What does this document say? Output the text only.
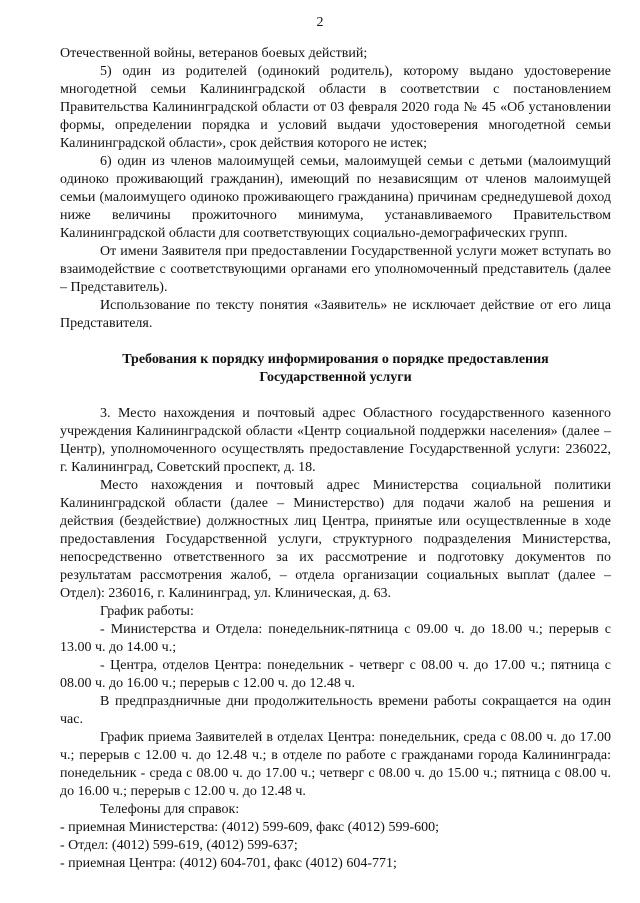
2

Отечественной войны, ветеранов боевых действий;

5) один из родителей (одинокий родитель), которому выдано удостоверение многодетной семьи Калининградской области в соответствии с постановлением Правительства Калининградской области от 03 февраля 2020 года № 45 «Об установлении формы, определении порядка и условий выдачи удостоверения многодетной семьи Калининградской области», срок действия которого не истек;

6) один из членов малоимущей семьи, малоимущей семьи с детьми (малоимущий одиноко проживающий гражданин), имеющий по независящим от членов малоимущей семьи (малоимущего одиноко проживающего гражданина) причинам среднедушевой доход ниже величины прожиточного минимума, устанавливаемого Правительством Калининградской области для соответствующих социально-демографических групп.

От имени Заявителя при предоставлении Государственной услуги может вступать во взаимодействие с соответствующими органами его уполномоченный представитель (далее – Представитель).

Использование по тексту понятия «Заявитель» не исключает действие от его лица Представителя.

Требования к порядку информирования о порядке предоставления Государственной услуги

3. Место нахождения и почтовый адрес Областного государственного казенного учреждения Калининградской области «Центр социальной поддержки населения» (далее – Центр), уполномоченного осуществлять предоставление Государственной услуги: 236022, г. Калининград, Советский проспект, д. 18.

Место нахождения и почтовый адрес Министерства социальной политики Калининградской области (далее – Министерство) для подачи жалоб на решения и действия (бездействие) должностных лиц Центра, принятые или осуществленные в ходе предоставления Государственной услуги, структурного подразделения Министерства, непосредственно ответственного за их рассмотрение и подготовку документов по результатам рассмотрения жалоб, – отдела организации социальных выплат (далее – Отдел): 236016, г. Калининград, ул. Клиническая, д. 63.

График работы:

- Министерства и Отдела: понедельник-пятница с 09.00 ч. до 18.00 ч.; перерыв с 13.00 ч. до 14.00 ч.;

- Центра, отделов Центра: понедельник - четверг с 08.00 ч. до 17.00 ч.; пятница с 08.00 ч. до 16.00 ч.; перерыв с 12.00 ч. до 12.48 ч.

В предпраздничные дни продолжительность времени работы сокращается на один час.

График приема Заявителей в отделах Центра: понедельник, среда с 08.00 ч. до 17.00 ч.; перерыв с 12.00 ч. до 12.48 ч.; в отделе по работе с гражданами города Калининграда: понедельник - среда с 08.00 ч. до 17.00 ч.; четверг с 08.00 ч. до 15.00 ч.; пятница с 08.00 ч. до 16.00 ч.; перерыв с 12.00 ч. до 12.48 ч.

Телефоны для справок:

- приемная Министерства: (4012) 599-609, факс (4012) 599-600;

- Отдел: (4012) 599-619, (4012) 599-637;

- приемная Центра: (4012) 604-701, факс (4012) 604-771;
